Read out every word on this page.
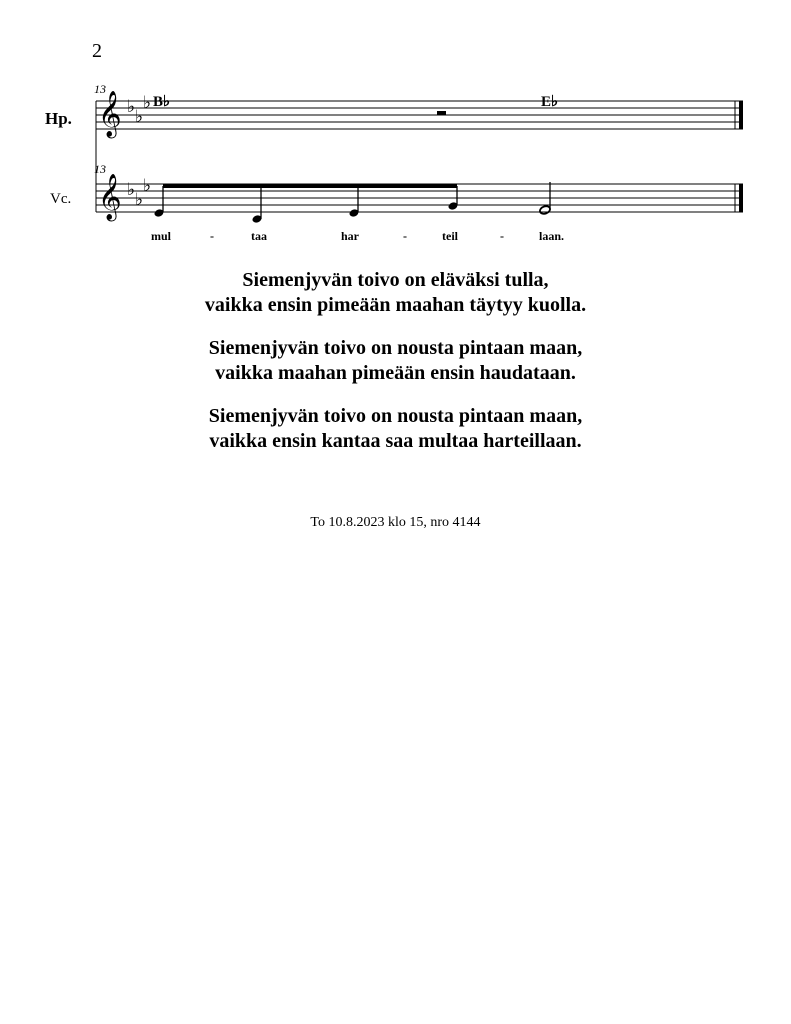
2
Hp.
13
𝄞 ♭ ♭
♭ B♭	E♭
Vc.
13
𝄞 ♭ ♭
♭
mul	-	taa	har	-	teil	-	laan.
Siemenjyvän toivo on eläväksi tulla,
vaikka ensin pimeään maahan täytyy kuolla.
Siemenjyvän toivo on nousta pintaan maan,
vaikka maahan pimeään ensin haudataan.
Siemenjyvän toivo on nousta pintaan maan,
vaikka ensin kantaa saa multaa harteillaan.
To 10.8.2023 klo 15, nro 4144
